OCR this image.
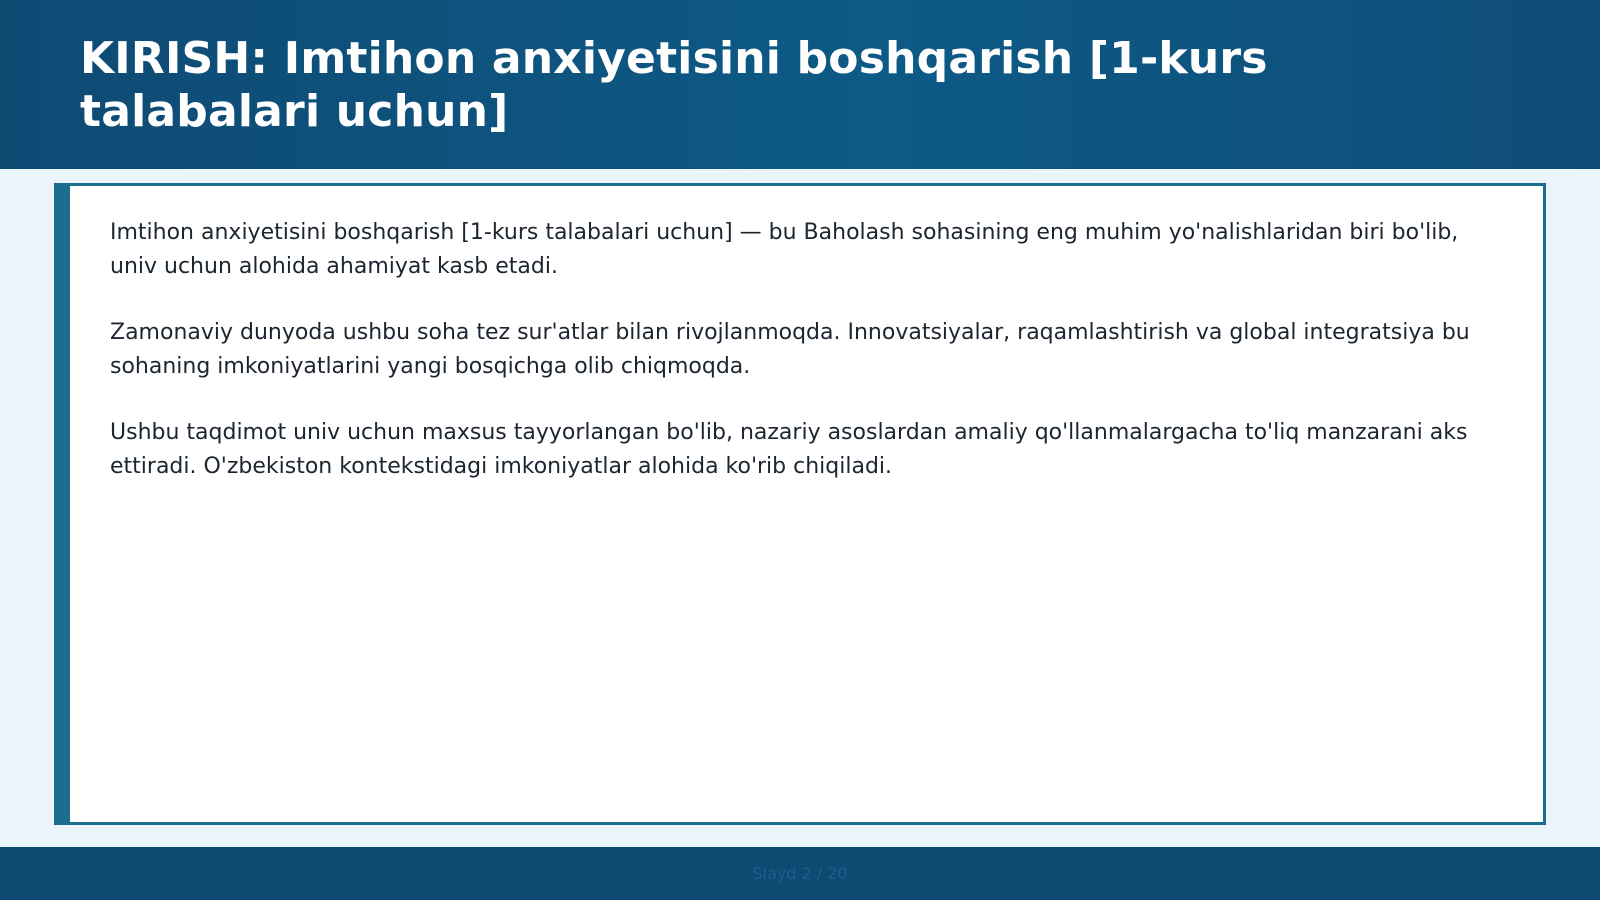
KIRISH: Imtihon anxiyetisini boshqarish [1-kurs talabalari uchun]

Imtihon anxiyetisini boshqarish [1-kurs talabalari uchun] — bu Baholash sohasining eng muhim yo'nalishlaridan biri bo'lib, univ uchun alohida ahamiyat kasb etadi.

Zamonaviy dunyoda ushbu soha tez sur'atlar bilan rivojlanmoqda. Innovatsiyalar, raqamlashtirish va global integratsiya bu sohaning imkoniyatlarini yangi bosqichga olib chiqmoqda.

Ushbu taqdimot univ uchun maxsus tayyorlangan bo'lib, nazariy asoslardan amaliy qo'llanmalargacha to'liq manzarani aks ettiradi. O'zbekiston kontekstidagi imkoniyatlar alohida ko'rib chiqiladi.

Slayd 2 / 20
